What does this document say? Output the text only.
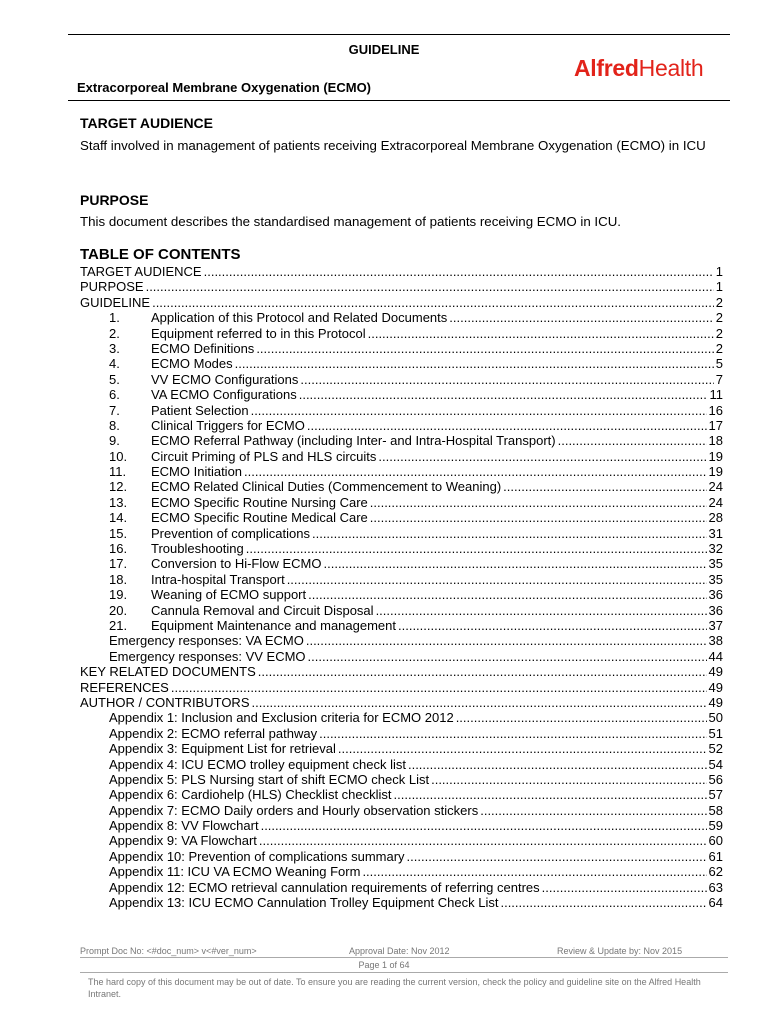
GUIDELINE
Extracorporeal Membrane Oxygenation (ECMO)
AlfredHealth
TARGET AUDIENCE
Staff involved in management of patients receiving Extracorporeal Membrane Oxygenation (ECMO) in ICU
PURPOSE
This document describes the standardised management of patients receiving ECMO in ICU.
TABLE OF CONTENTS
TARGET AUDIENCE .....	1
PURPOSE .....	1
GUIDELINE .....	2
1.	Application of this Protocol and Related Documents .....	2
2.	Equipment referred to in this Protocol .....	2
3.	ECMO Definitions .....	2
4.	ECMO Modes .....	5
5.	VV ECMO Configurations .....	7
6.	VA ECMO Configurations .....	11
7.	Patient Selection .....	16
8.	Clinical Triggers for ECMO .....	17
9.	ECMO Referral Pathway (including Inter- and Intra-Hospital Transport) .....	18
10.	Circuit Priming of PLS and HLS circuits .....	19
11.	ECMO Initiation .....	19
12.	ECMO Related Clinical Duties (Commencement to Weaning) .....	24
13.	ECMO Specific Routine Nursing Care .....	24
14.	ECMO Specific Routine Medical Care .....	28
15.	Prevention of complications .....	31
16.	Troubleshooting .....	32
17.	Conversion to Hi-Flow ECMO .....	35
18.	Intra-hospital Transport .....	35
19.	Weaning of ECMO support .....	36
20.	Cannula Removal and Circuit Disposal .....	36
21.	Equipment Maintenance and management .....	37
Emergency responses: VA ECMO .....	38
Emergency responses: VV ECMO .....	44
KEY RELATED DOCUMENTS .....	49
REFERENCES .....	49
AUTHOR / CONTRIBUTORS .....	49
Appendix 1: Inclusion and Exclusion criteria for ECMO 2012 .....	50
Appendix 2: ECMO referral pathway .....	51
Appendix 3: Equipment List for retrieval .....	52
Appendix 4: ICU ECMO trolley equipment check list .....	54
Appendix 5: PLS Nursing start of shift ECMO check List .....	56
Appendix 6: Cardiohelp (HLS) Checklist checklist .....	57
Appendix 7: ECMO Daily orders and Hourly observation stickers .....	58
Appendix 8: VV Flowchart .....	59
Appendix 9: VA Flowchart .....	60
Appendix 10: Prevention of complications summary .....	61
Appendix 11: ICU VA ECMO Weaning Form .....	62
Appendix 12: ECMO retrieval cannulation requirements of referring centres .....	63
Appendix 13: ICU ECMO Cannulation Trolley Equipment Check List .....	64
Prompt Doc No: <#doc_num> v<#ver_num>	Approval Date: Nov 2012	Review & Update by: Nov 2015
Page 1 of 64
The hard copy of this document may be out of date. To ensure you are reading the current version, check the policy and guideline site on the Alfred Health Intranet.
